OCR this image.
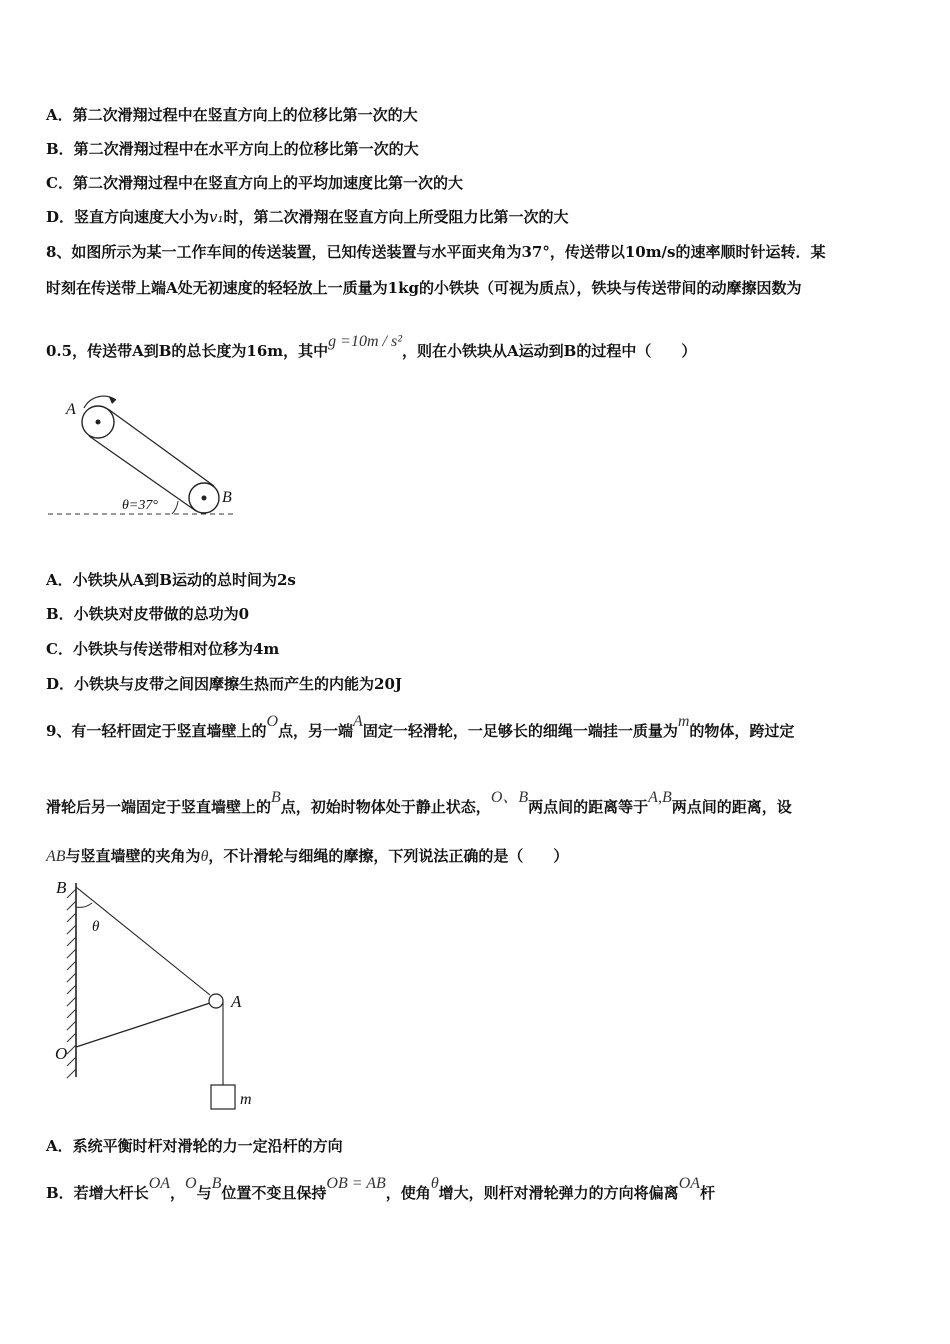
A．第二次滑翔过程中在竖直方向上的位移比第一次的大
B．第二次滑翔过程中在水平方向上的位移比第一次的大
C．第二次滑翔过程中在竖直方向上的平均加速度比第一次的大
D．竖直方向速度大小为v₁时，第二次滑翔在竖直方向上所受阻力比第一次的大
8、如图所示为某一工作车间的传送装置，已知传送装置与水平面夹角为37°，传送带以10m/s的速率顺时针运转．某
时刻在传送带上端A处无初速度的轻轻放上一质量为1kg的小铁块（可视为质点），铁块与传送带间的动摩擦因数为
0.5，传送带A到B的总长度为16m，其中g =10m / s²，则在小铁块从A运动到B的过程中（　　）
A
B
θ=37°
A．小铁块从A到B运动的总时间为2s
B．小铁块对皮带做的总功为0
C．小铁块与传送带相对位移为4m
D．小铁块与皮带之间因摩擦生热而产生的内能为20J
9、有一轻杆固定于竖直墙壁上的O点，另一端A固定一轻滑轮，一足够长的细绳一端挂一质量为m的物体，跨过定
滑轮后另一端固定于竖直墙壁上的B点，初始时物体处于静止状态，O、B两点间的距离等于A,B两点间的距离，设
AB与竖直墙壁的夹角为θ，不计滑轮与细绳的摩擦，下列说法正确的是（　　）
B
θ
A
O
m
A．系统平衡时杆对滑轮的力一定沿杆的方向
B．若增大杆长OA，O与B位置不变且保持OB = AB，使角θ增大，则杆对滑轮弹力的方向将偏离OA杆
